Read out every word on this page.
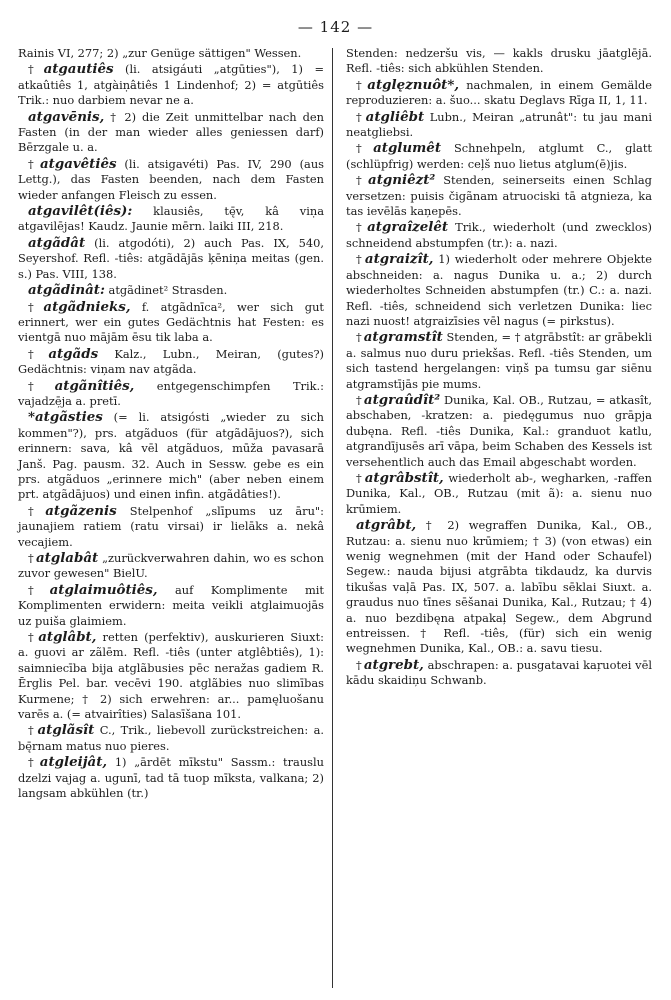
— 142 —

Rainis VI, 277; 2) „zur Genüge sättigen" Wessen.

† atgautiês (li. atsigáuti „atgūties"), 1) = atkaûtiês 1, atgàiṇâtiês 1 Lindenhof; 2) = atgūtiês Trik.: nuo darbiem nevar ne a.

atgavēnis, † 2) die Zeit unmittelbar nach den Fasten (in der man wieder alles geniessen darf) Bērzgale u. a.

† atgavêtiês (li. atsigavéti) Pas. IV, 290 (aus Lettg.), das Fasten beenden, nach dem Fasten wieder anfangen Fleisch zu essen.

atgavilêt(iês): klausiês, tę̄v, kâ viṇa atgavilējas! Kaudz. Jaunie mērn. laiki III, 218.

atgãdât (li. atgodóti), 2) auch Pas. IX, 540, Seyershof. Refl. -tiês: atgãdājās ķēniņa meitas (gen. s.) Pas. VIII, 138.

atgãdinât: atgãdinet² Strasden.

† atgãdnieks, f. atgãdnīca², wer sich gut erinnert, wer ein gutes Gedächtnis hat Festen: es vientgā nuo mājām ēsu tik laba a.

† atgãds Kalz., Lubn., Meiran, (gutes?) Gedächtnis: viņam nav atgãda.

† atgãnîtiês, entgegenschimpfen Trik.: vajadzē̦ja a. pretī.

*atgãsties (= li. atsigósti „wieder zu sich kommen"?), prs. atgãduos (für atgãdājuos?), sich erinnern: sava, kâ vēl atgãduos, mūža pavasarā Janš. Pag. pausm. 32. Auch in Sessw. gebe es ein prs. atgãduos „erinnere mich" (aber neben einem prt. atgãdājuos) und einen infin. atgãdâties!).

† atgãzenis Stelpenhof „slīpums uz āru": jaunajiem ratiem (ratu virsai) ir lielāks a. nekâ vecajiem.

† atglabât „zurückverwahren dahin, wo es schon zuvor gewesen" BielU.

† atglaimuôtiês, auf Komplimente mit Komplimenten erwidern: meita veikli atglaimuojās uz puiša glaimiem.

† atglâbt, retten (perfektiv), auskurieren Siuxt: a. guovi ar zãlēm. Refl. -tiês (unter atglêbtiês), 1): saimniecība bija atglãbusies pēc neražas gadiem R. Ērglis Pel. bar. vecēvi 190. atglãbies nuo slimības Kurmene; † 2) sich erwehren: ar... pamęluošanu varēs a. (= atvairîties) Salasīšana 101.

† atglãsît C., Trik., liebevoll zurückstreichen: a. bę̄rnam matus nuo pieres.

† atgleijât, 1) „ārdēt mīkstu" Sassm.: trauslu dzelzi vajag a. ugunī, tad tā tuop mīksta, valkana; 2) langsam abkühlen (tr.)

Stenden: nedzeršu vis, — kakls drusku jāatglējā. Refl. -tiês: sich abkühlen Stenden.

† atglęznuôt*, nachmalen, in einem Gemälde reproduzieren: a. šuo... skatu Deglavs Rīga II, 1, 11.

† atgliêbt Lubn., Meiran „atrunât": tu jau mani neatgliebsi.

† atglumêt Schnehpeln, atglumt C., glatt (schlüpfrig) werden: ceļš nuo lietus atglum(ē)jis.

† atgniêzt² Stenden, seinerseits einen Schlag versetzen: puisis čigãnam atruociski tā atgnieza, ka tas ievēlās kaņepēs.

† atgraîzelêt Trik., wiederholt (und zwecklos) schneidend abstumpfen (tr.): a. nazi.

† atgraizît, 1) wiederholt oder mehrere Objekte abschneiden: a. nagus Dunika u. a.; 2) durch wiederholtes Schneiden abstumpfen (tr.) C.: a. nazi. Refl. -tiês, schneidend sich verletzen Dunika: liec nazi nuost! atgraizīsies vēl nagus (= pirkstus).

† atgramstît Stenden, = † atgrābstît: ar grābekli a. salmus nuo duru priekšas. Refl. -tiês Stenden, um sich tastend hergelangen: viņš pa tumsu gar siēnu atgramstījās pie mums.

† atgraûdît² Dunika, Kal. OB., Rutzau, = atkasît, abschaben, -kratzen: a. piedęgumus nuo grāpja dubęna. Refl. -tiês Dunika, Kal.: granduot katlu, atgrandījusēs arī vāpa, beim Schaben des Kessels ist versehentlich auch das Email abgeschabt worden.

† atgrâbstît, wiederholt ab-, wegharken, -raffen Dunika, Kal., OB., Rutzau (mit ã): a. sienu nuo krūmiem.

atgrâbt, † 2) wegraffen Dunika, Kal., OB., Rutzau: a. sienu nuo krūmiem; † 3) (von etwas) ein wenig wegnehmen (mit der Hand oder Schaufel) Segew.: nauda bijusi atgrābta tikdaudz, ka durvis tikušas vaļā Pas. IX, 507. a. labību sēklai Siuxt. a. graudus nuo tīnes sēšanai Dunika, Kal., Rutzau; † 4) a. nuo bezdibęna atpakaļ Segew., dem Abgrund entreissen. † Refl. -tiês, (für) sich ein wenig wegnehmen Dunika, Kal., OB.: a. savu tiesu.

† atgrebt, abschrapen: a. pusgatavai kaŗuotei vēl kādu skaidiņu Schwanb.
